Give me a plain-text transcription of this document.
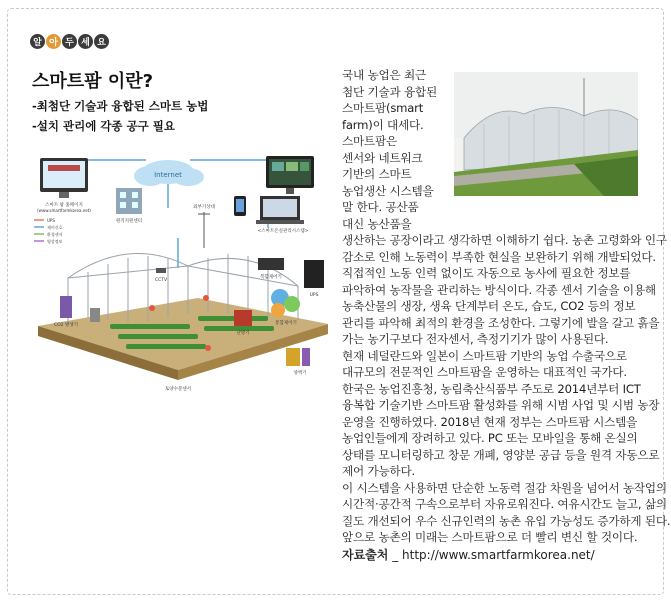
알 아 두 세 요
스마트팜 이란?
-최첨단 기술과 융합된 스마트 농법
-설치 관리에 각종 공구 필요
Internet
스마트 팜 홈페이지
(www.smartfarmkorea.net)
UPS
제어신호
환경센서
영상정보
원격지원센터
<스마트온실관리시스템>
UPS
복합제어기
통합제어기
난방기
양액기
CO2 발생기
CCTV
외부기상대
토양수분센서
국내 농업은 최근
첨단 기술과 융합된
스마트팜(smart
farm)이 대세다.
스마트팜은
센서와 네트워크
기반의 스마트
농업생산 시스템을
말 한다. 공산품
대신 농산품을
생산하는 공장이라고 생각하면 이해하기 쉽다. 농촌 고령화와 인구
감소로 인해 노동력이 부족한 현실을 보완하기 위해 개발되었다.
직접적인 노동 인력 없이도 자동으로 농사에 필요한 정보를
파악하여 농작물을 관리하는 방식이다. 각종 센서 기술을 이용해
농축산물의 생장, 생육 단계부터 온도, 습도, CO2 등의 정보
관리를 파악해 최적의 환경을 조성한다. 그렇기에 발을 갈고 흙을
가는 농기구보다 전자센서, 측정기기가 많이 사용된다.
현재 네덜란드와 일본이 스마트팜 기반의 농업 수출국으로
대규모의 전문적인 스마트팜을 운영하는 대표적인 국가다.
한국은 농업진흥청, 농림축산식품부 주도로 2014년부터 ICT
융복합 기술기반 스마트팜 활성화를 위해 시범 사업 및 시범 농장
운영을 진행하였다. 2018년 현재 정부는 스마트팜 시스템을
농업인들에게 장려하고 있다. PC 또는 모바일을 통해 온실의
상태를 모니터링하고 창문 개폐, 영양분 공급 등을 원격 자동으로
제어 가능하다.
이 시스템을 사용하면 단순한 노동력 절감 차원을 넘어서 농작업의
시간적·공간적 구속으로부터 자유로워진다. 여유시간도 늘고, 삶의
질도 개선되어 우수 신규인력의 농촌 유입 가능성도 증가하게 된다.
앞으로 농촌의 미래는 스마트팜으로 더 빨리 변신 할 것이다.
자료출처 _ http://www.smartfarmkorea.net/
